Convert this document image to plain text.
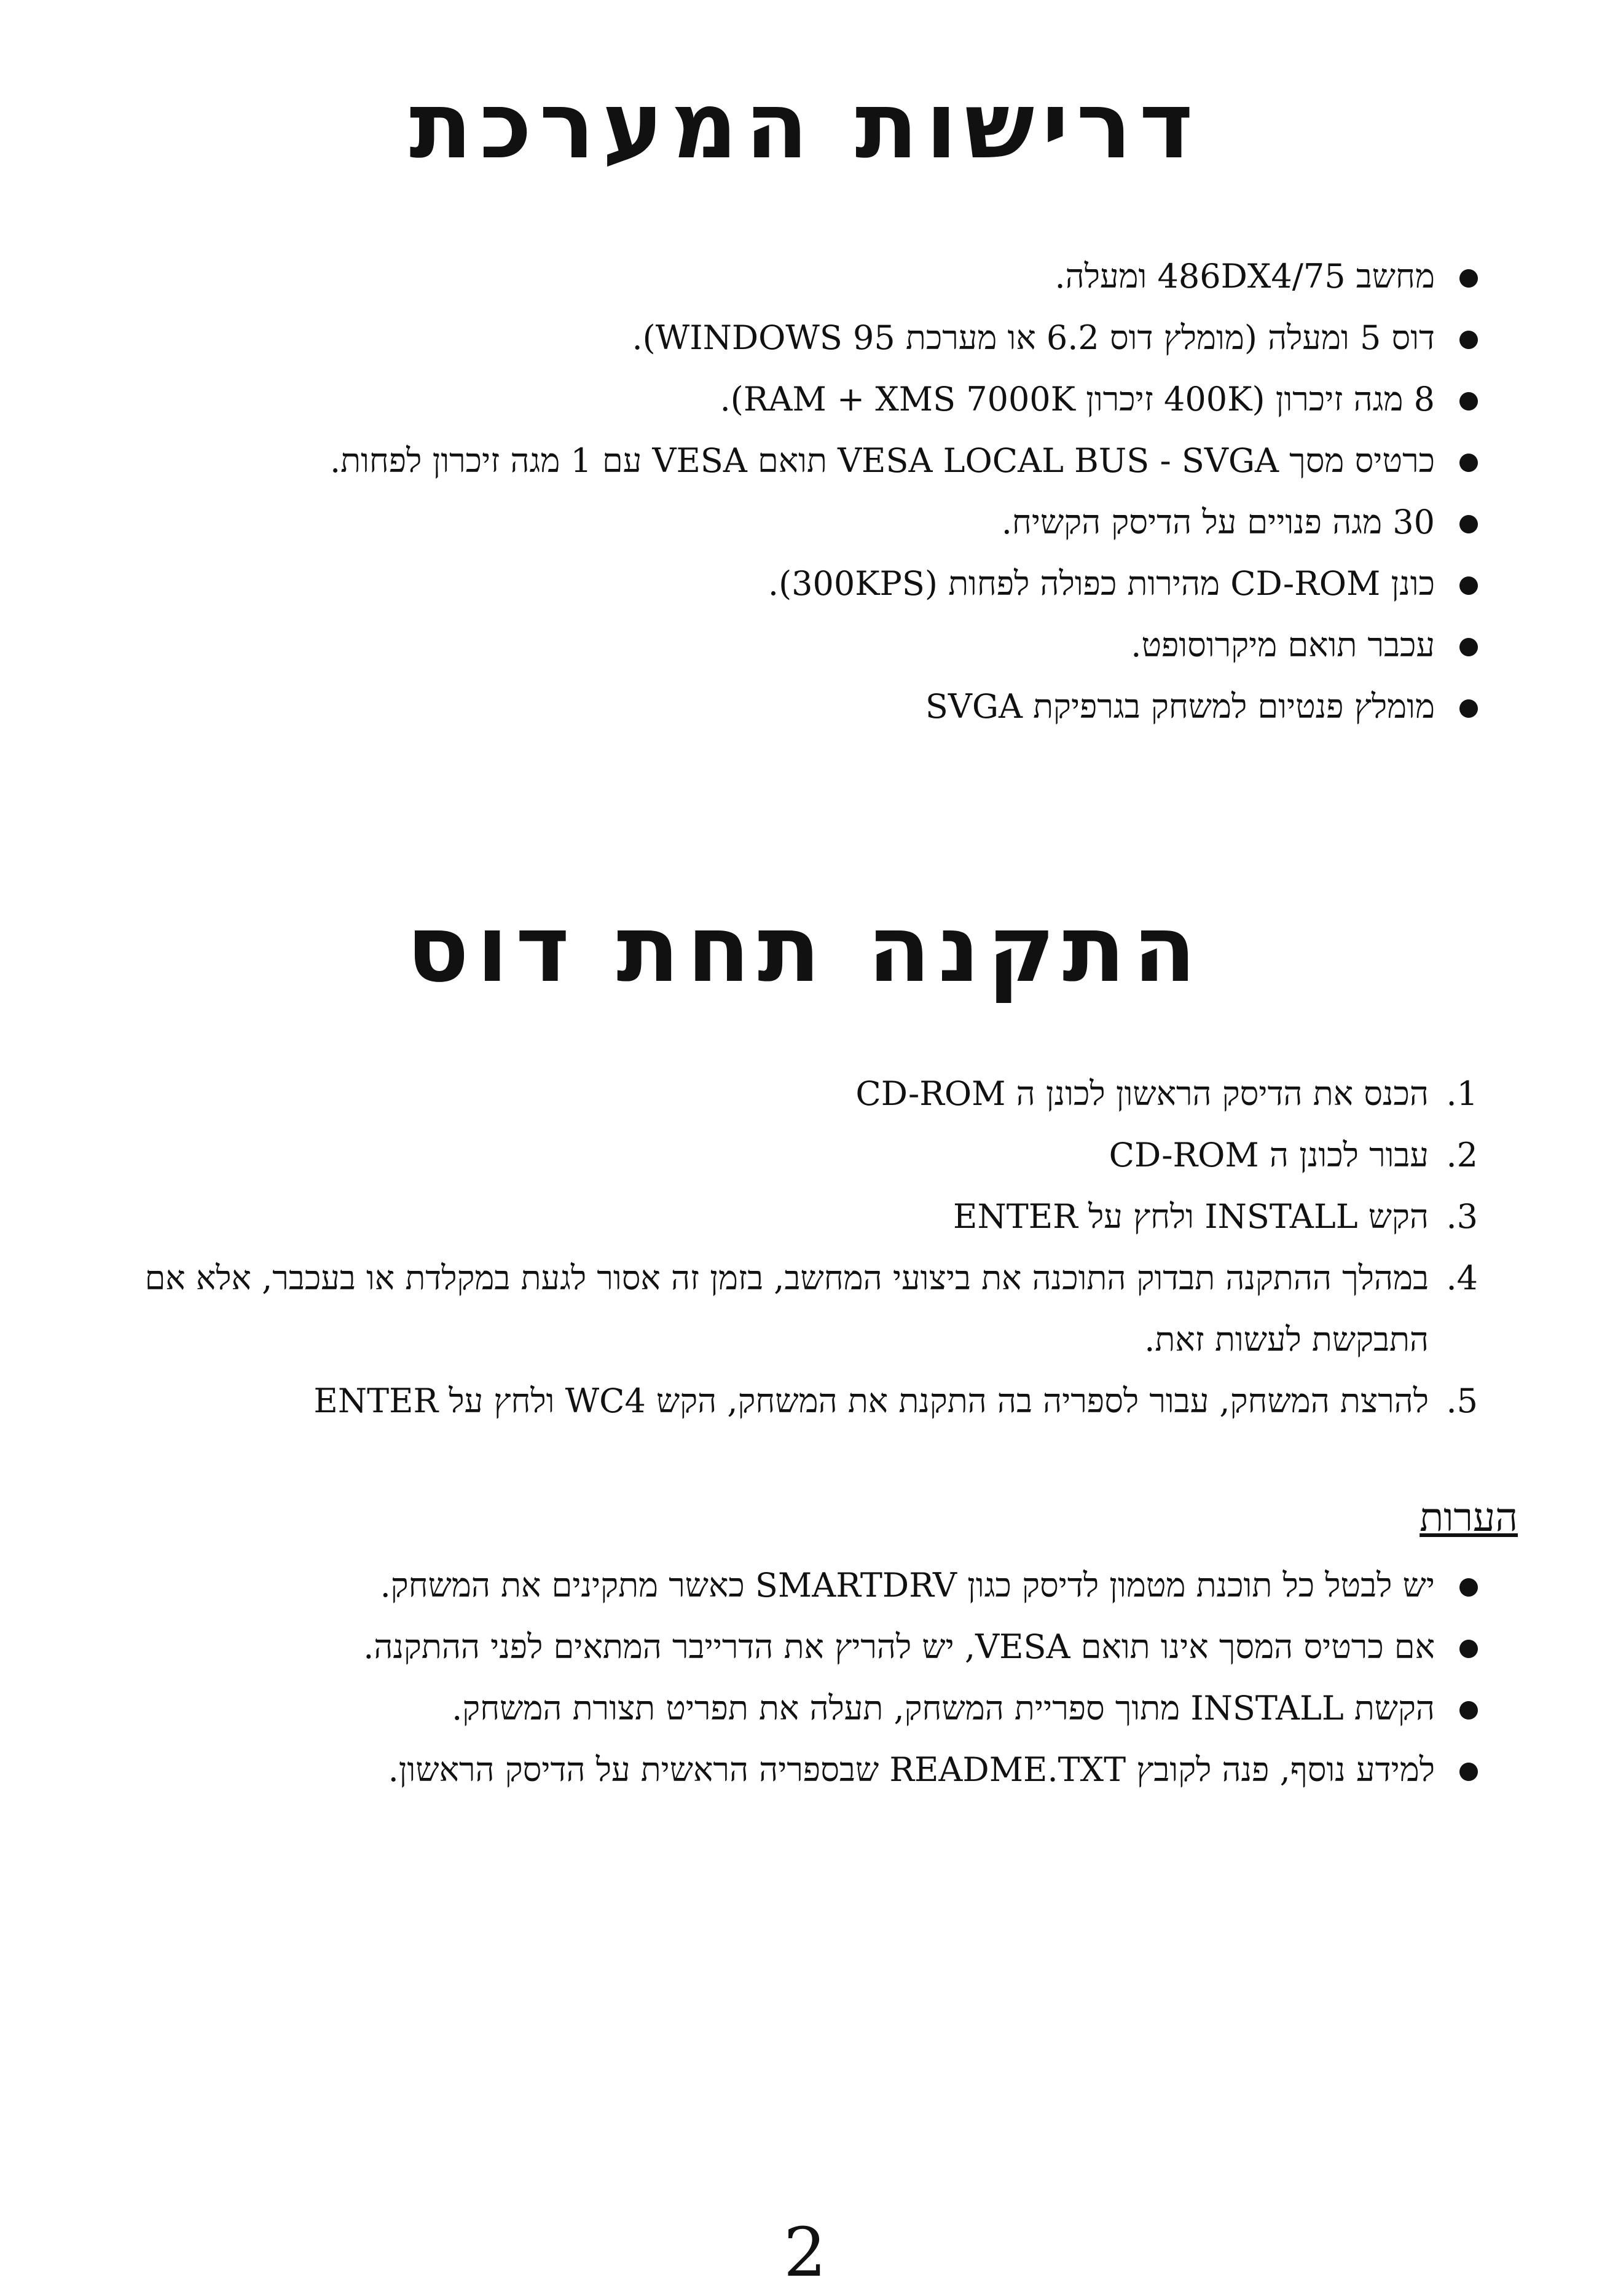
דרישות המערכת
מחשב 486DX4/75 ומעלה.
דוס 5 ומעלה (מומלץ דוס 6.2 או מערכת WINDOWS 95).
8 מגה זיכרון (400K זיכרון RAM + XMS 7000K).
כרטיס מסך VESA LOCAL BUS - SVGA תואם VESA עם 1 מגה זיכרון לפחות.
30 מגה פנויים על הדיסק הקשיח.
כונן CD-ROM מהירות כפולה לפחות (300KPS).
עכבר תואם מיקרוסופט.
מומלץ פנטיום למשחק בגרפיקת SVGA
התקנה תחת דוס
1.
הכנס את הדיסק הראשון לכונן ה CD-ROM
2.
עבור לכונן ה CD-ROM
3.
הקש INSTALL ולחץ על ENTER
4.
במהלך ההתקנה תבדוק התוכנה את ביצועי המחשב, בזמן זה אסור לגעת במקלדת או בעכבר, אלא אם התבקשת לעשות זאת.
5.
להרצת המשחק, עבור לספריה בה התקנת את המשחק, הקש WC4 ולחץ על ENTER
הערות
יש לבטל כל תוכנת מטמון לדיסק כגון SMARTDRV כאשר מתקינים את המשחק.
אם כרטיס המסך אינו תואם VESA, יש להריץ את הדרייבר המתאים לפני ההתקנה.
הקשת INSTALL מתוך ספריית המשחק, תעלה את תפריט תצורת המשחק.
למידע נוסף, פנה לקובץ README.TXT שבספריה הראשית על הדיסק הראשון.
2
